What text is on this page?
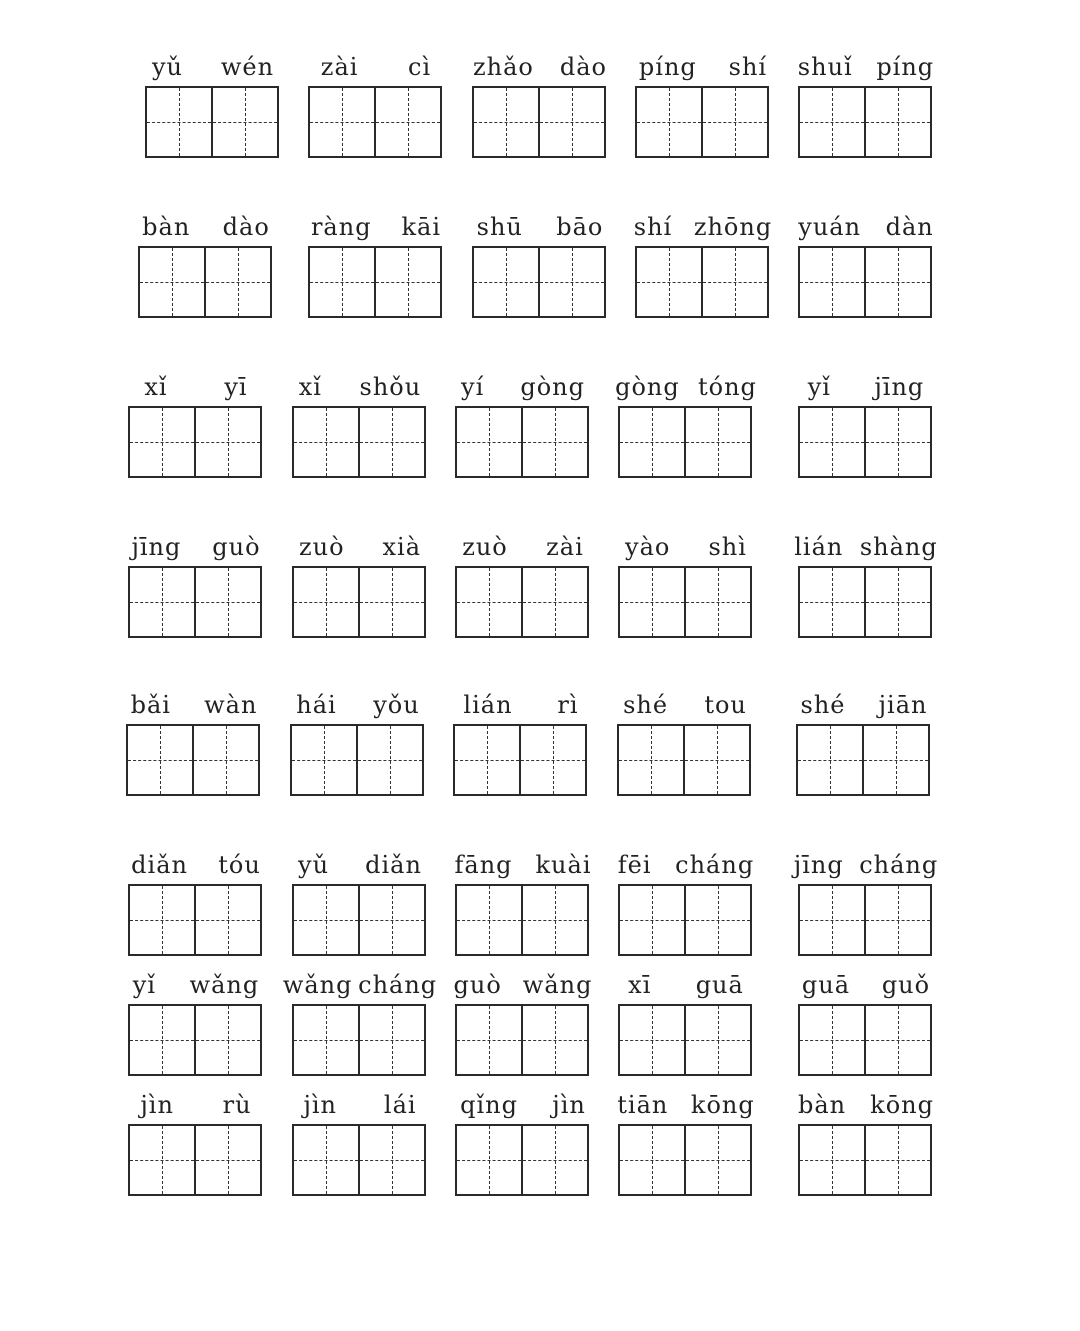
yǔ wén zài cì zhǎo dào píng shí shuǐ píng
bàn dào ràng kāi shū bāo shí zhōng yuán dàn
xǐ yī xǐ shǒu yí gòng gòng tóng yǐ jīng
jīng guò zuò xià zuò zài yào shì lián shàng
bǎi wàn hái yǒu lián rì shé tou shé jiān
diǎn tóu yǔ diǎn fāng kuài fēi cháng jīng cháng
yǐ wǎng wǎng cháng guò wǎng xī guā guā guǒ
jìn rù jìn lái qǐng jìn tiān kōng bàn kōng
